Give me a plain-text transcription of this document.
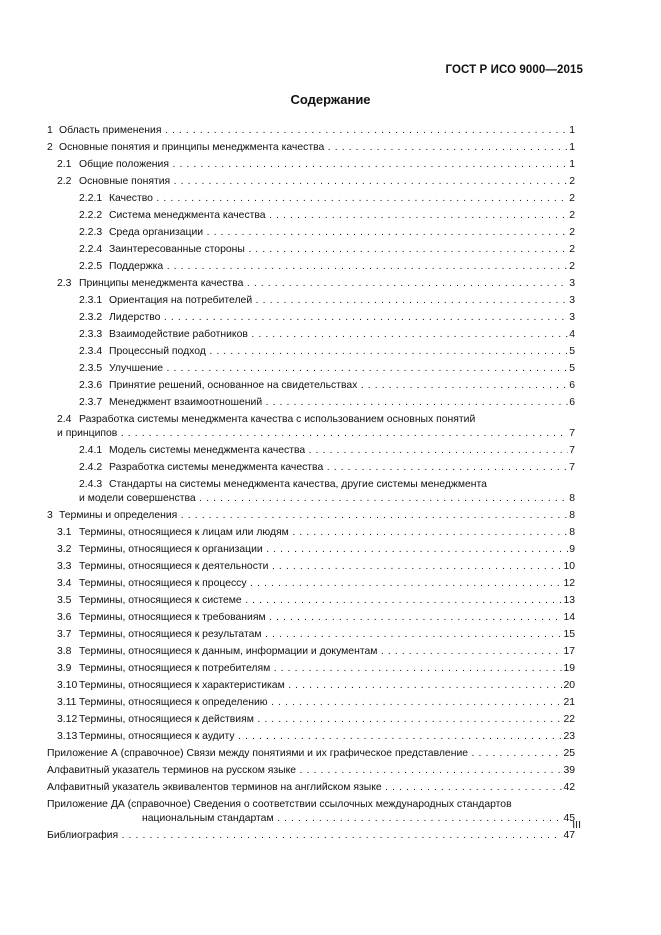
ГОСТ Р ИСО 9000—2015
Содержание
1 Область применения . . .	1
2 Основные понятия и принципы менеджмента качества . . .	1
2.1 Общие положения . . .	1
2.2 Основные понятия . . .	2
2.2.1 Качество . . .	2
2.2.2 Система менеджмента качества . . .	2
2.2.3 Среда организации . . .	2
2.2.4 Заинтересованные стороны . . .	2
2.2.5 Поддержка . . .	2
2.3 Принципы менеджмента качества . . .	3
2.3.1 Ориентация на потребителей . . .	3
2.3.2 Лидерство . . .	3
2.3.3 Взаимодействие работников . . .	4
2.3.4 Процессный подход . . .	5
2.3.5 Улучшение . . .	5
2.3.6 Принятие решений, основанное на свидетельствах . . .	6
2.3.7 Менеджмент взаимоотношений . . .	6
2.4 Разработка системы менеджмента качества с использованием основных понятий
и принципов . . .	7
2.4.1 Модель системы менеджмента качества . . .	7
2.4.2 Разработка системы менеджмента качества . . .	7
2.4.3 Стандарты на системы менеджмента качества, другие системы менеджмента
и модели совершенства . . .	8
3 Термины и определения . . .	8
3.1 Термины, относящиеся к лицам или людям . . .	8
3.2 Термины, относящиеся к организации . . .	9
3.3 Термины, относящиеся к деятельности . . .	10
3.4 Термины, относящиеся к процессу . . .	12
3.5 Термины, относящиеся к системе . . .	13
3.6 Термины, относящиеся к требованиям . . .	14
3.7 Термины, относящиеся к результатам . . .	15
3.8 Термины, относящиеся к данным, информации и документам . . .	17
3.9 Термины, относящиеся к потребителям . . .	19
3.10 Термины, относящиеся к характеристикам . . .	20
3.11 Термины, относящиеся к определению . . .	21
3.12 Термины, относящиеся к действиям . . .	22
3.13 Термины, относящиеся к аудиту . . .	23
Приложение А (справочное) Связи между понятиями и их графическое представление . . .	25
Алфавитный указатель терминов на русском языке . . .	39
Алфавитный указатель эквивалентов терминов на английском языке . . .	42
Приложение ДА (справочное) Сведения о соответствии ссылочных международных стандартов
национальным стандартам . . .	45
Библиография . . .	47
III
